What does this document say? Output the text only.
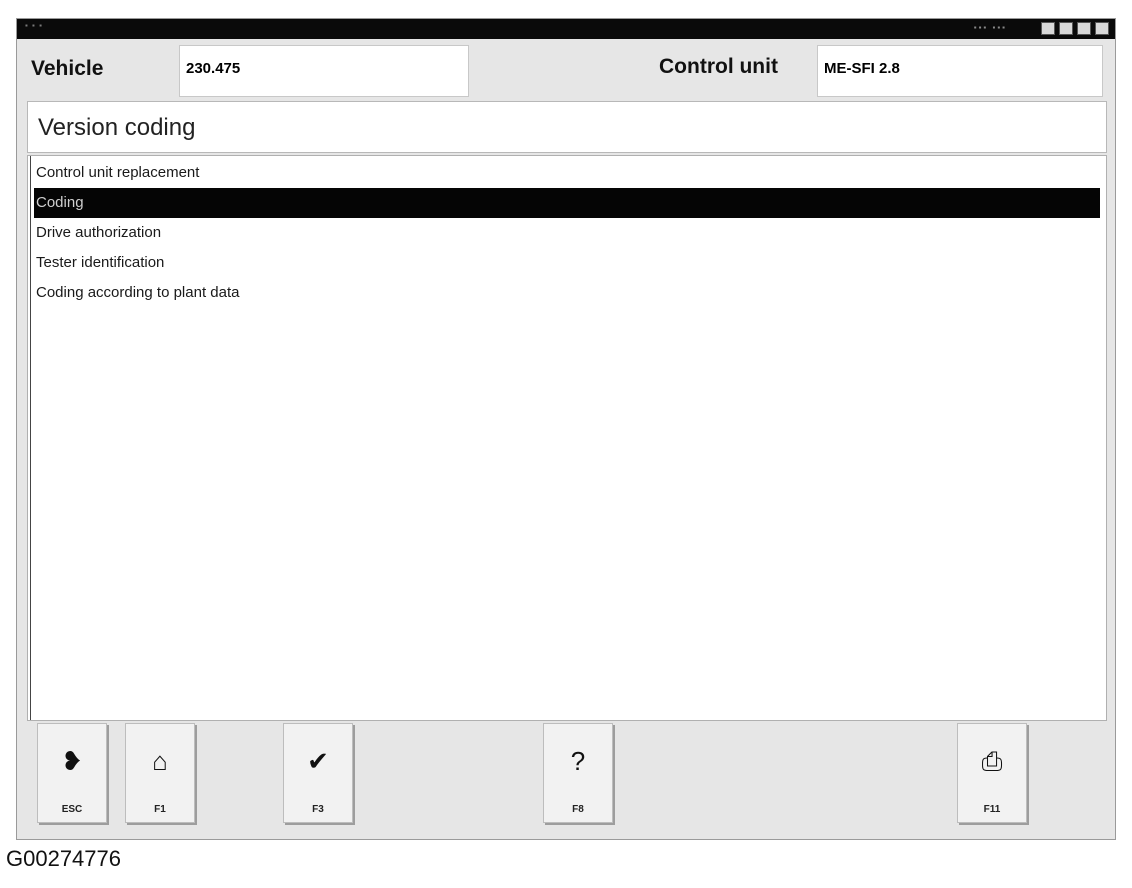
▪ ▪ ▪	▪▪▪ ▪▪▪
Vehicle	230.475	Control unit	ME-SFI 2.8
Version coding
Control unit replacement
Coding
Drive authorization
Tester identification
Coding according to plant data
❥
ESC
⌂
F1
✔
F3
?
F8
⎙
F11
G00274776
